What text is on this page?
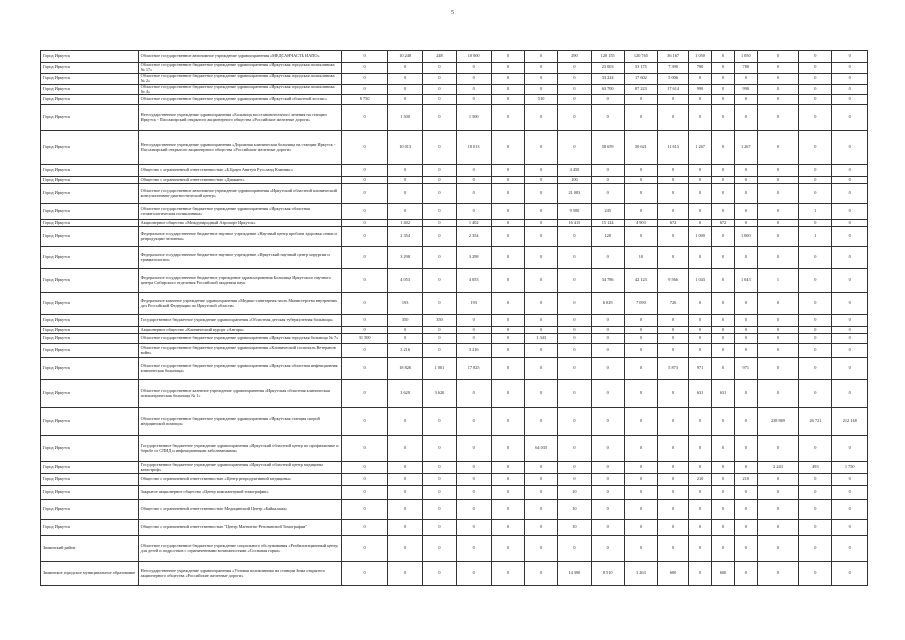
5
Город Иркутск	Областное государственное автономное учреждение здравоохранения «МЕДСАНЧАСТЬ ИАПО»	0	10 248	248	10 000	0	0	290	120 155	120 765	36 167	1 050	0	1 050	0	0	0
Город Иркутск	Областное государственное бюджетное учреждение здравоохранения «Иркутская городская поликлиника № 17»	0	0	0	0	0	0	0	23 003	53 175	7 390	780	0	780	0	0	0
Город Иркутск	Областное государственное бюджетное учреждение здравоохранения «Иркутская городская поликлиника № 2»	0	0	0	0	0	0	0	33 224	17 602	5 006	0	0	0	0	0	0
Город Иркутск	Областное государственное бюджетное учреждение здравоохранения «Иркутская городская поликлиника № 4»	0	0	0	0	0	0	0	63 700	87 223	17 614	990	0	990	0	0	0
Город Иркутск	Областное государственное бюджетное учреждение здравоохранения «Иркутский областной хоспис»	8 750	0	0	0	0	510	0	0	0	0	0	0	0	0	0	0
Город Иркутск	Негосударственное учреждение здравоохранения «Больница восстановительного лечения на станции Иркутск - Пассажирский открытого акционерного общества «Российские железные дороги»	0	1 500	0	1 500	0	0	0	0	0	0	0	0	0	0	0	0
Город Иркутск	Негосударственное учреждение здравоохранения «Дорожная клиническая больница на станции Иркутск - Пассажирский открытого акционерного общества «Российские железные дороги»	0	10 013	0	10 013	0	0	0	58 659	50 621	11 613	1 267	0	1 267	0	0	0
Город Иркутск	Общество с ограниченной ответственностью «Б.Браун Авитум Руссланд Клиникс»	0	0	0	0	0	0	4 450	0	0	0	0	0	0	0	0	0
Город Иркутск	Общество с ограниченной ответственностью «Диамант»	0	0	0	0	0	0	100	0	0	0	0	0	0	0	0	0
Город Иркутск	Областное государственное автономное учреждение здравоохранения «Иркутский областной клинический консультативно-диагностический центр»	0	0	0	0	0	0	21 083	0	0	0	0	0	0	0	0	0
Город Иркутск	Областное государственное бюджетное учреждение здравоохранения «Иркутская областная стоматологическая поликлиника»	0	0	0	0	0	0	9 500	245	0	0	0	0	0	0	1	0
Город Иркутск	Акционерное общество «Международный Аэропорт Иркутск»	0	1 402	0	1 402	0	0	16 415	15 124	4 903	672	0	672	0	0	0	0
Город Иркутск	Федеральное государственное бюджетное научное учреждение «Научный центр проблем здоровья семьи и репродукции человека»	0	2 354	0	2 354	0	0	0	128	0	0	1 000	0	1 000	0	1	0
Город Иркутск	Федеральное государственное бюджетное научное учреждение «Иркутский научный центр хирургии и травматологии»	0	3 298	0	3 298	0	0	0	0	10	0	0	0	0	0	0	0
Город Иркутск	Федеральное государственное бюджетное учреждение здравоохранения Больница Иркутского научного центра Сибирского отделения Российской академии наук	0	4 053	0	4 053	0	0	0	34 786	42 123	9 566	1 043	0	1 043	1	0	0
Город Иркутск	Федеральное казенное учреждение здравоохранения «Медико-санитарная часть Министерства внутренних дел Российской Федерации по Иркутской области»	0	193	0	193	0	0	0	6 029	7 090	726	0	0	0	0	0	0
Город Иркутск	Государственное бюджетное учреждение здравоохранения «Областная детская туберкулезная больница»	0	350	350	0	0	0	0	0	0	0	0	0	0	0	0	0
Город Иркутск	Акционерное общество «Клинический курорт «Ангара»	0	0	0	0	0	0	0	0	0	0	0	0	0	0	0	0
Город Иркутск	Областное государственное бюджетное учреждение здравоохранения «Иркутская городская больница № 7»	31 500	0	0	0	0	1 343	0	0	0	0	0	0	0	0	0	0
Город Иркутск	Областное государственное бюджетное учреждение здравоохранения «Клинический госпиталь Ветеранов войн»	0	3 216	0	3 216	0	0	0	0	0	0	0	0	0	0	0	0
Город Иркутск	Областное государственное бюджетное учреждение здравоохранения «Иркутская областная инфекционная клиническая больница»	0	18 826	1 001	17 825	0	0	0	0	0	5 873	971	0	971	0	0	0
Город Иркутск	Областное государственное казенное учреждение здравоохранения «Иркутская областная клиническая психиатрическая больница № 1»	0	3 620	3 620	0	0	0	0	0	0	0	631	631	0	0	0	0
Город Иркутск	Областное государственное бюджетное учреждение здравоохранения «Иркутская станция скорой медицинской помощи»	0	0	0	0	0	0	0	0	0	0	0	0	0	238 869	26 721	212 148
Город Иркутск	Государственное бюджетное учреждение здравоохранения «Иркутский областной центр по профилактике и борьбе со СПИД и инфекционными заболеваниями»	0	0	0	0	0	64 035	0	0	0	0	0	0	0	0	0	0
Город Иркутск	Государственное бюджетное учреждение здравоохранения «Иркутский областной центр медицины катастроф»	0	0	0	0	0	0	0	0	0	0	0	0	0	2 243	493	1 750
Город Иркутск	Общество с ограниченной ответственностью «Центр репродуктивной медицины»	0	0	0	0	0	0	0	0	0	0	210	0	210	0	0	0
Город Иркутск	Закрытое акционерное общество «Центр компьютерной томографии»	0	0	0	0	0	0	10	0	0	0	0	0	0	0	0	0
Город Иркутск	Общество с ограниченной ответственностью Медицинский Центр «Байкальма»	0	0	0	0	0	0	10	0	0	0	0	0	0	0	0	0
Город Иркутск	Общество с ограниченной ответственностью "Центр Магнитно-Резонансной Томографии"	0	0	0	0	0	0	10	0	0	0	0	0	0	0	0	0
Зиминский район	Областное государственное бюджетное учреждение социального обслуживания «Реабилитационный центр для детей и подростков с ограниченными возможностями «Сосновая горка»	0	0	0	0	0	0	0	0	0	0	0	0	0	0	0	0
Зиминское городское муниципальное образование	Негосударственное учреждение здравоохранения «Узловая поликлиника на станции Зима открытого акционерного общества «Российские железные дороги»	0	0	0	0	0	0	14 390	8 510	3 263	600	0	600	0	0	0	0
